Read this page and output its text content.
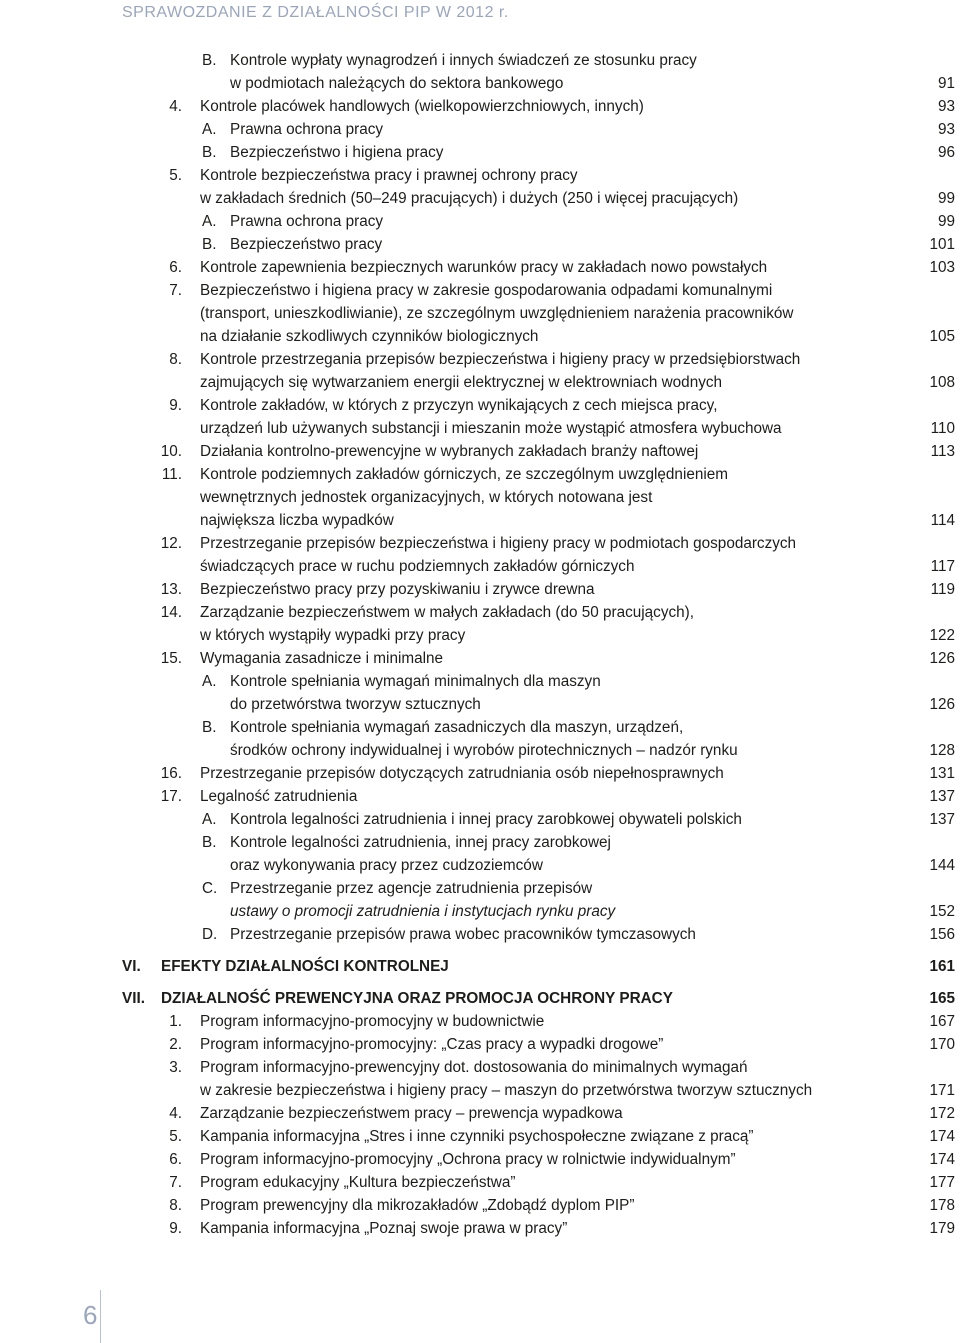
SPRAWOZDANIE Z DZIAŁALNOŚCI PIP W 2012 r.
B. Kontrole wypłaty wynagrodzeń i innych świadczeń ze stosunku pracy
w podmiotach należących do sektora bankowego	91
4. Kontrole placówek handlowych (wielkopowierzchniowych, innych)	93
A. Prawna ochrona pracy	93
B. Bezpieczeństwo i higiena pracy	96
5. Kontrole bezpieczeństwa pracy i prawnej ochrony pracy
w zakładach średnich (50–249 pracujących) i dużych (250 i więcej pracujących)	99
A. Prawna ochrona pracy	99
B. Bezpieczeństwo pracy	101
6. Kontrole zapewnienia bezpiecznych warunków pracy w zakładach nowo powstałych	103
7. Bezpieczeństwo i higiena pracy w zakresie gospodarowania odpadami komunalnymi
(transport, unieszkodliwianie), ze szczególnym uwzględnieniem narażenia pracowników
na działanie szkodliwych czynników biologicznych	105
8. Kontrole przestrzegania przepisów bezpieczeństwa i higieny pracy w przedsiębiorstwach
zajmujących się wytwarzaniem energii elektrycznej w elektrowniach wodnych	108
9. Kontrole zakładów, w których z przyczyn wynikających z cech miejsca pracy,
urządzeń lub używanych substancji i mieszanin może wystąpić atmosfera wybuchowa	110
10. Działania kontrolno-prewencyjne w wybranych zakładach branży naftowej	113
11. Kontrole podziemnych zakładów górniczych, ze szczególnym uwzględnieniem
wewnętrznych jednostek organizacyjnych, w których notowana jest
największa liczba wypadków	114
12. Przestrzeganie przepisów bezpieczeństwa i higieny pracy w podmiotach gospodarczych
świadczących prace w ruchu podziemnych zakładów górniczych	117
13. Bezpieczeństwo pracy przy pozyskiwaniu i zrywce drewna	119
14. Zarządzanie bezpieczeństwem w małych zakładach (do 50 pracujących),
w których wystąpiły wypadki przy pracy	122
15. Wymagania zasadnicze i minimalne	126
A. Kontrole spełniania wymagań minimalnych dla maszyn
do przetwórstwa tworzyw sztucznych	126
B. Kontrole spełniania wymagań zasadniczych dla maszyn, urządzeń,
środków ochrony indywidualnej i wyrobów pirotechnicznych – nadzór rynku	128
16. Przestrzeganie przepisów dotyczących zatrudniania osób niepełnosprawnych	131
17. Legalność zatrudnienia	137
A. Kontrola legalności zatrudnienia i innej pracy zarobkowej obywateli polskich	137
B. Kontrole legalności zatrudnienia, innej pracy zarobkowej
oraz wykonywania pracy przez cudzoziemców	144
C. Przestrzeganie przez agencje zatrudnienia przepisów
ustawy o promocji zatrudnienia i instytucjach rynku pracy	152
D. Przestrzeganie przepisów prawa wobec pracowników tymczasowych	156
VI. EFEKTY DZIAŁALNOŚCI KONTROLNEJ	161
VII. DZIAŁALNOŚĆ PREWENCYJNA ORAZ PROMOCJA OCHRONY PRACY	165
1. Program informacyjno-promocyjny w budownictwie	167
2. Program informacyjno-promocyjny: „Czas pracy a wypadki drogowe”	170
3. Program informacyjno-prewencyjny dot. dostosowania do minimalnych wymagań
w zakresie bezpieczeństwa i higieny pracy – maszyn do przetwórstwa tworzyw sztucznych	171
4. Zarządzanie bezpieczeństwem pracy – prewencja wypadkowa	172
5. Kampania informacyjna „Stres i inne czynniki psychospołeczne związane z pracą”	174
6. Program informacyjno-promocyjny „Ochrona pracy w rolnictwie indywidualnym”	174
7. Program edukacyjny „Kultura bezpieczeństwa”	177
8. Program prewencyjny dla mikrozakładów „Zdobądź dyplom PIP”	178
9. Kampania informacyjna „Poznaj swoje prawa w pracy”	179
6
